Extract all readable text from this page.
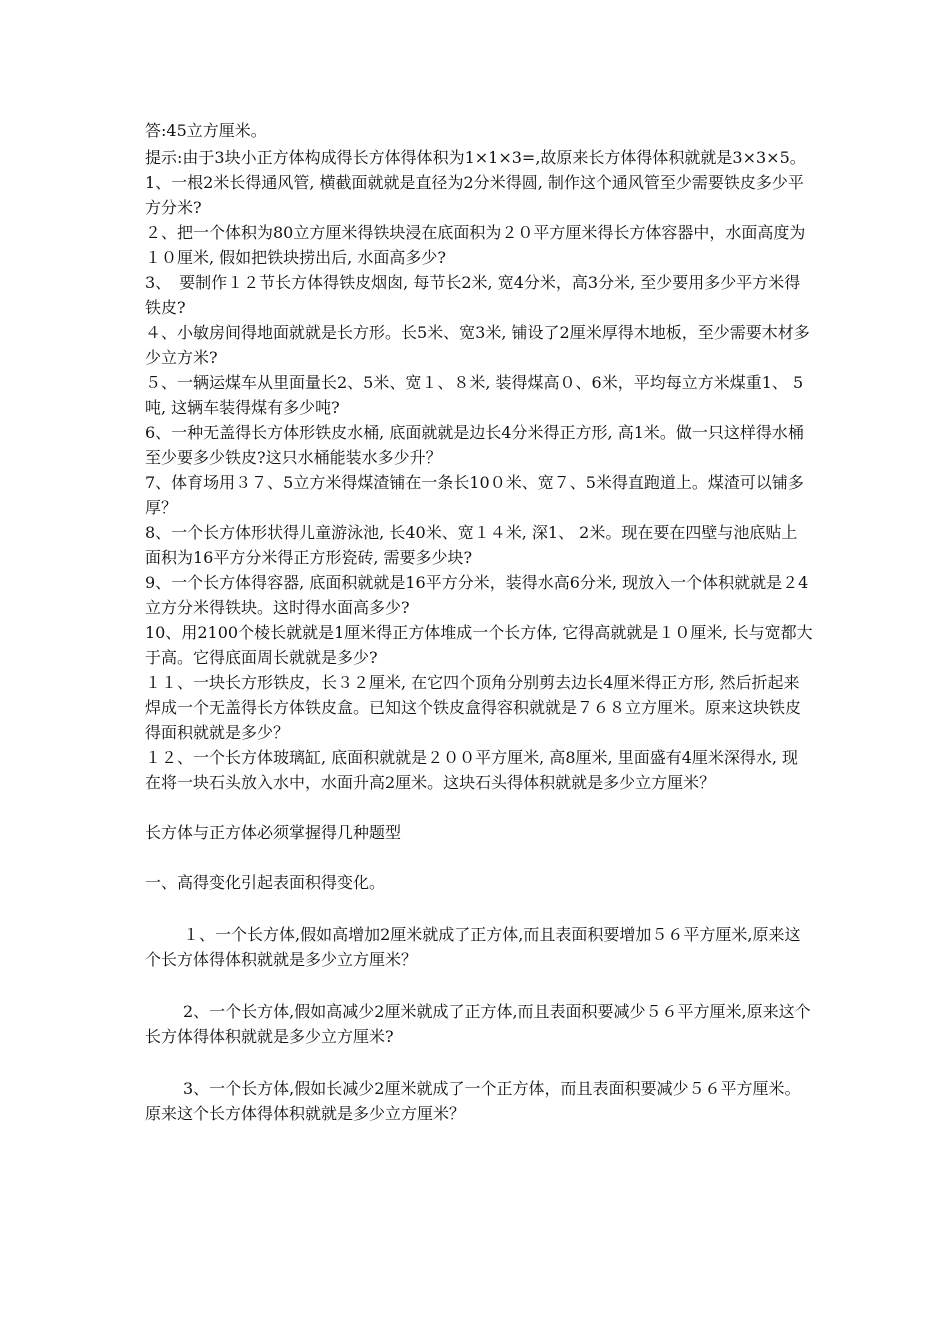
答:45立方厘米。

提示:由于3块小正方体构成得长方体得体积为1×1×3=,故原来长方体得体积就就是3×3×5。

1、一根2米长得通风管, 横截面就就是直径为2分米得圆, 制作这个通风管至少需要铁皮多少平方分米?

２、把一个体积为80立方厘米得铁块浸在底面积为２０平方厘米得长方体容器中，水面高度为１０厘米, 假如把铁块捞出后, 水面高多少?

3、　要制作１２节长方体得铁皮烟囱, 每节长2米, 宽4分米，高3分米, 至少要用多少平方米得铁皮?

４、小敏房间得地面就就是长方形。长5米、宽3米, 铺设了2厘米厚得木地板，至少需要木材多少立方米?

５、一辆运煤车从里面量长2、5米、宽１、８米, 装得煤高０、6米，平均每立方米煤重1、 5吨, 这辆车装得煤有多少吨?

6、一种无盖得长方体形铁皮水桶, 底面就就是边长4分米得正方形, 高1米。做一只这样得水桶至少要多少铁皮?这只水桶能装水多少升？

7、体育场用３７、5立方米得煤渣铺在一条长10０米、宽７、5米得直跑道上。煤渣可以铺多厚？

8、一个长方体形状得儿童游泳池, 长40米、宽１４米, 深1、 2米。现在要在四壁与池底贴上面积为16平方分米得正方形瓷砖, 需要多少块?

9、一个长方体得容器, 底面积就就是16平方分米，装得水高6分米, 现放入一个体积就就是２4立方分米得铁块。这时得水面高多少?

10、用2100个棱长就就是1厘米得正方体堆成一个长方体, 它得高就就是１０厘米, 长与宽都大于高。它得底面周长就就是多少?

１１、一块长方形铁皮，长３２厘米, 在它四个顶角分别剪去边长4厘米得正方形, 然后折起来焊成一个无盖得长方体铁皮盒。已知这个铁皮盒得容积就就是７６８立方厘米。原来这块铁皮得面积就就是多少？

１２、一个长方体玻璃缸, 底面积就就是２００平方厘米, 高8厘米, 里面盛有4厘米深得水, 现在将一块石头放入水中，水面升高2厘米。这块石头得体积就就是多少立方厘米？

长方体与正方体必须掌握得几种题型

一、高得变化引起表面积得变化。

１、一个长方体,假如高增加2厘米就成了正方体,而且表面积要增加５６平方厘米,原来这个长方体得体积就就是多少立方厘米？

2、一个长方体,假如高减少2厘米就成了正方体,而且表面积要减少５６平方厘米,原来这个长方体得体积就就是多少立方厘米?

3、一个长方体,假如长减少2厘米就成了一个正方体，而且表面积要减少５６平方厘米。原来这个长方体得体积就就是多少立方厘米？
